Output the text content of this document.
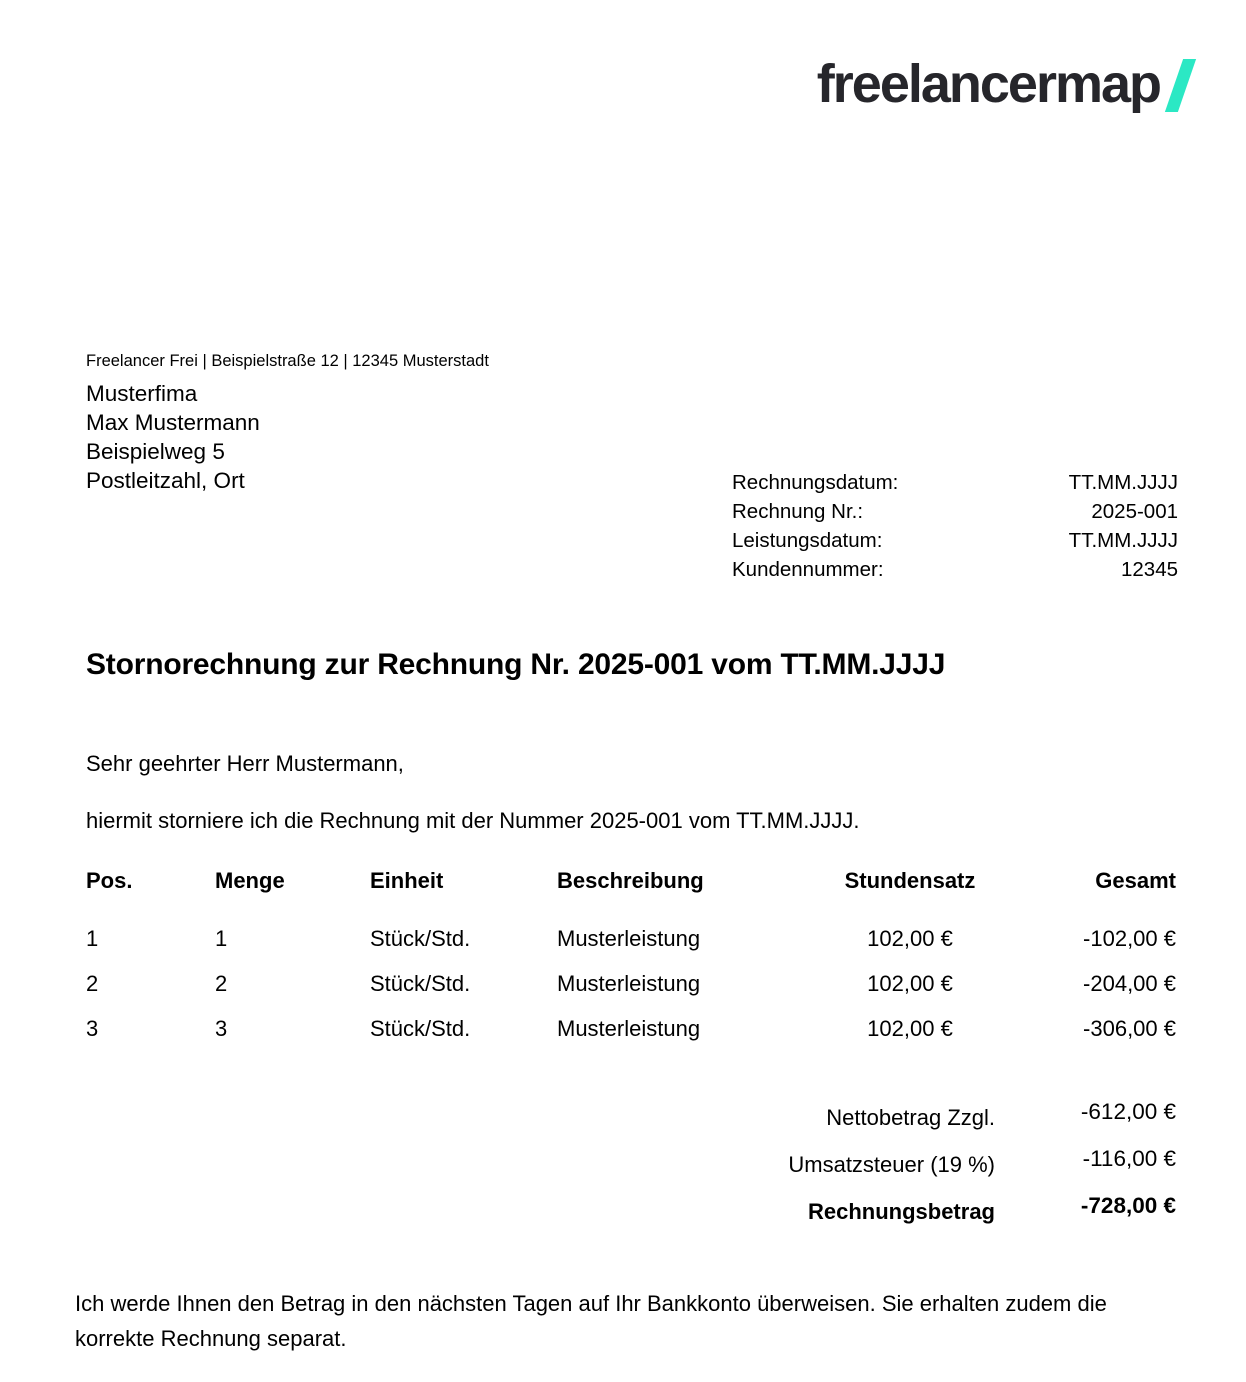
freelancermap
Freelancer Frei | Beispielstraße 12 | 12345 Musterstadt
Musterfima
Max Mustermann
Beispielweg 5
Postleitzahl, Ort	Rechnungsdatum:	TT.MM.JJJJ
Rechnung Nr.:	2025-001
Leistungsdatum:	TT.MM.JJJJ
Kundennummer:	12345
Stornorechnung zur Rechnung Nr. 2025-001 vom TT.MM.JJJJ

Sehr geehrter Herr Mustermann,

hiermit storniere ich die Rechnung mit der Nummer 2025-001 vom TT.MM.JJJJ.

Pos.	Menge	Einheit	Beschreibung	Stundensatz	Gesamt
1	1	Stück/Std.	Musterleistung	102,00 €	-102,00 €
2	2	Stück/Std.	Musterleistung	102,00 €	-204,00 €
3	3	Stück/Std.	Musterleistung	102,00 €	-306,00 €
Nettobetrag Zzgl.	-612,00 €
Umsatzsteuer (19 %)	-116,00 €
Rechnungsbetrag	-728,00 €

Ich werde Ihnen den Betrag in den nächsten Tagen auf Ihr Bankkonto überweisen. Sie erhalten zudem die korrekte Rechnung separat.
